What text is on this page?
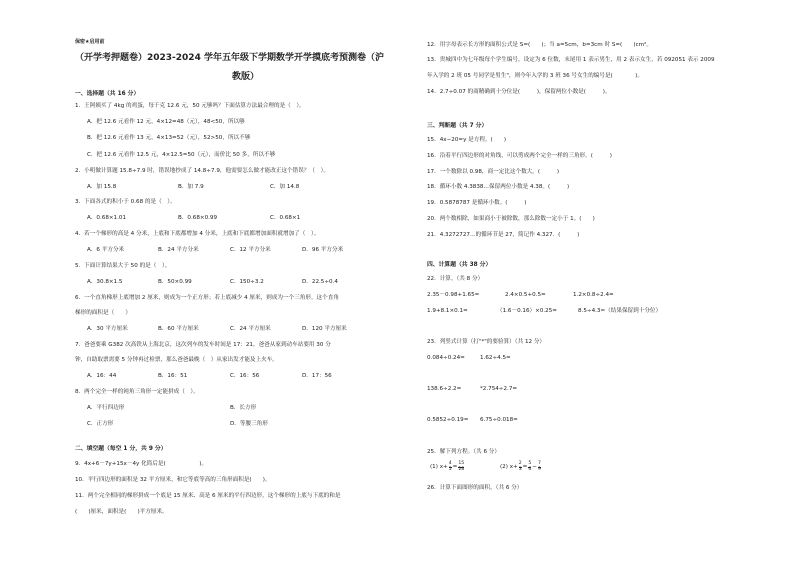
保密★启用前
（开学考押题卷）2023-2024 学年五年级下学期数学开学摸底考预测卷（沪
教版）
一、选择题（共 16 分）
1．王阿姨买了 4kg 的鸡蛋，每千克 12.6 元，50 元够吗？下面估算方法最合理的是（　）。
A．把 12.6 元看作 12 元，4×12=48（元），48<50，所以够
B．把 12.6 元看作 13 元，4×13=52（元），52>50，所以不够
C．把 12.6 元看作 12.5 元，4×12.5=50（元），而价比 50 多，所以不够
2．小明做计算题 15.8÷7.9 时，错误地抄成了 14.8÷7.9，他需要怎么做才能改正这个错误？（　）。
A．加 15.8	B．加 7.9	C．加 14.8
3．下面各式的积小于 0.68 的是（　）。
A．0.68×1.01	B．0.68×0.99	C．0.68×1
4．若一个梯形的高是 4 分米，上底和下底都增加 4 分米，上底和下底都增加面积就增加了（　）。
A．6 平方分米	B．24 平方分米	C．12 平方分米	D．96 平方分米
5．下面计算结果大于 50 的是（　）。
A．30.8×1.5	B．50×0.99	C．150÷3.2	D．22.5÷0.4
6．一个直角梯形上底增加 2 厘米，则成为一个正方形；若上底减少 4 厘米，则成为一个三角形。这个直角
梯形的面积是（　　）
A．30 平方厘米	B．60 平方厘米	C．24 平方厘米	D．120 平方厘米
7．爸爸要乘 G382 次高铁从上海北京，这次列车的发车时间是 17：21，爸爸从家到动车站要用 30 分
钟，自助取票需要 5 分钟再过检票，那么爸爸最晚（　）从家出发才能及上火车。
A．16：44	B．16：51	C．16：56	D．17：56
8．两个完全一样的钝角三角形一定能拼成（　）。
A．平行四边形	B．长方形
C．正方形	D．等腰三角形
二、填空题（每空 1 分，共 9 分）
9．4x+6－7y+15x－4y 化简后是(　　　　　　)。
10．平行四边形的面积是 32 平方厘米，和它等底等高的三角形面积是(　　)。
11．两个完全相同的梯形拼成一个底是 15 厘米、高是 6 厘米的平行四边形，这个梯形的上底与下底的和是
(　　)厘米，面积是(　　)平方厘米。
12．用字母表示长方形的面积公式是 S=(　　)；当 a=5cm，b=3cm 时 S=(　　)cm²。
13．贵城四中为七年级每个学生编号，设定为 6 位数，末尾用 1 表示男生，用 2 表示女生，若 092051 表示 2009
年入学的 2 班 05 号同学是男生"，则今年入学的 3 班 36 号女生的编号是(　　　　)。
14．2.7÷0.07 的商精确到十分位是(　　　)，保留两位小数是(　　　)。
三、判断题（共 7 分）
15．4x−20=y 是方程。(　　)
16．沿着平行四边形的对角线，可以剪成两个完全一样的三角形。(　　　)
17．一个数除以 0.98，商一定比这个数大。(　　　)
18．循环小数 4.3838…保留两位小数是 4.38。(　　　)
19．0.5878787 是循环小数。(　　　)
20．两个数相除，如果商小于被除数，那么除数一定小于 1。(　　)
21．4.3272727…的循环节是 27，简记作 4.327．(　　　)
四、计算题（共 38 分）
22．计算。（共 8 分）
2.35－0.98+1.65=	2.4×0.5+0.5=	1.2×0.8÷2.4=
1.9+8.1×0.1=	（1.6－0.16）×0.25=	8.5÷4.3≈（结果保留到十分位）
23．列竖式计算（打"*"的要验算）（共 12 分）
0.084÷0.24=	1.62÷4.5=
138.6÷2.2=	*2.754÷2.7=
0.5852÷0.19= 6.75÷0.018=
25．解下列方程。（共 6 分）
(1) $x+ \frac{4}{5} = \frac{15}{28}$	(2) $x+ \frac{2}{3} = \frac{5}{6} - \frac{7}{9}$
26．计算下面图形的面积。（共 6 分）
